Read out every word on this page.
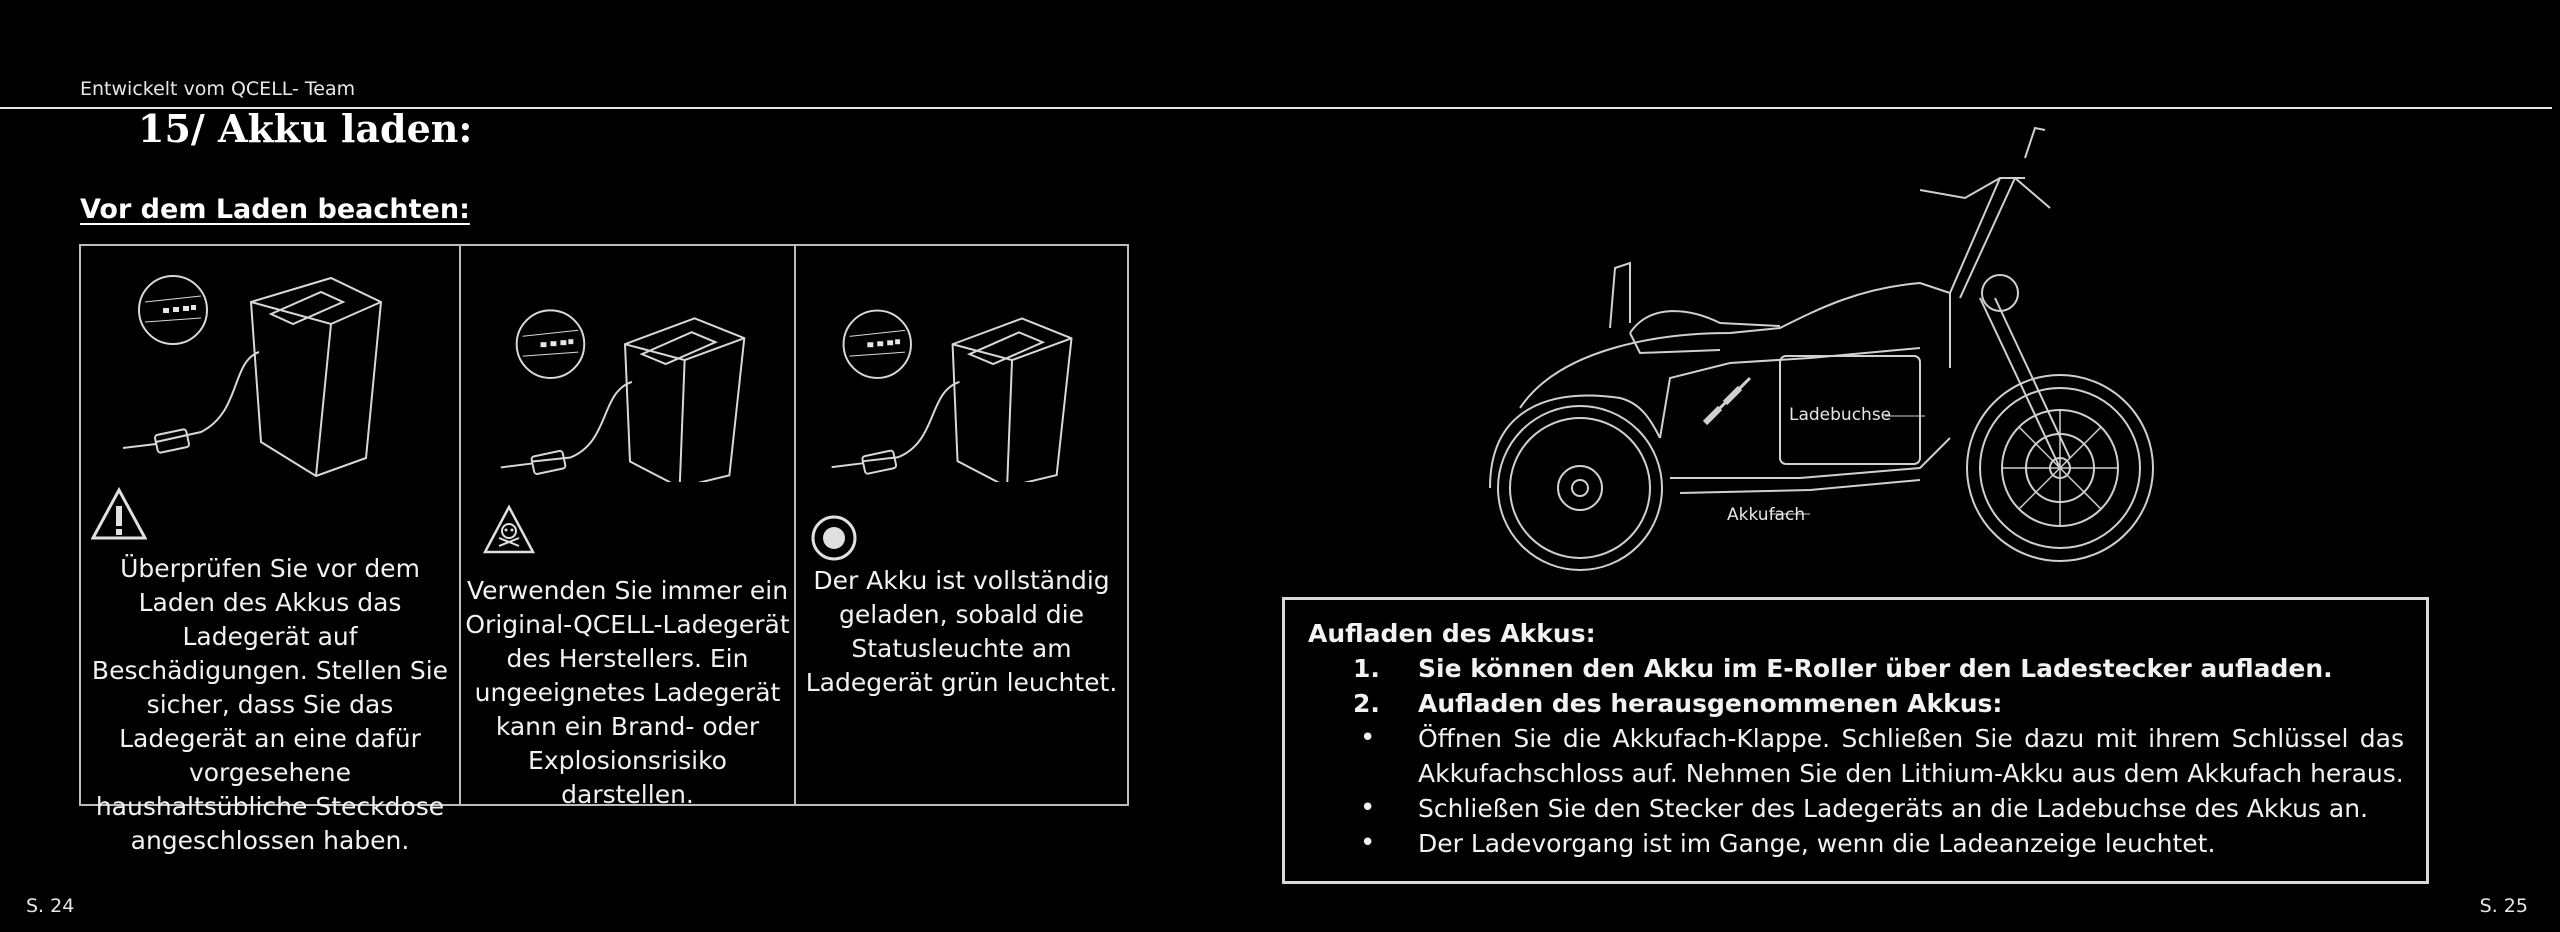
Entwickelt vom QCELL- Team
15/ Akku laden:
Vor dem Laden beachten:
Überprüfen Sie vor dem Laden des Akkus das Ladegerät auf Beschädigungen. Stellen Sie sicher, dass Sie das Ladegerät an eine dafür vorgesehene haushaltsübliche Steckdose angeschlossen haben.
Verwenden Sie immer ein Original-QCELL-Ladegerät des Herstellers. Ein ungeeignetes Ladegerät kann ein Brand- oder Explosionsrisiko darstellen.
Der Akku ist vollständig geladen, sobald die Statusleuchte am Ladegerät grün leuchtet.
Ladebuchse
Akkufach
Aufladen des Akkus:
1.	Sie können den Akku im E-Roller über den Ladestecker aufladen.
2.	Aufladen des herausgenommenen Akkus:
•	Öffnen Sie die Akkufach-Klappe. Schließen Sie dazu mit ihrem Schlüssel das Akkufachschloss auf. Nehmen Sie den Lithium-Akku aus dem Akkufach heraus.
•	Schließen Sie den Stecker des Ladegeräts an die Ladebuchse des Akkus an.
•	Der Ladevorgang ist im Gange, wenn die Ladeanzeige leuchtet.
S. 24	S. 25
